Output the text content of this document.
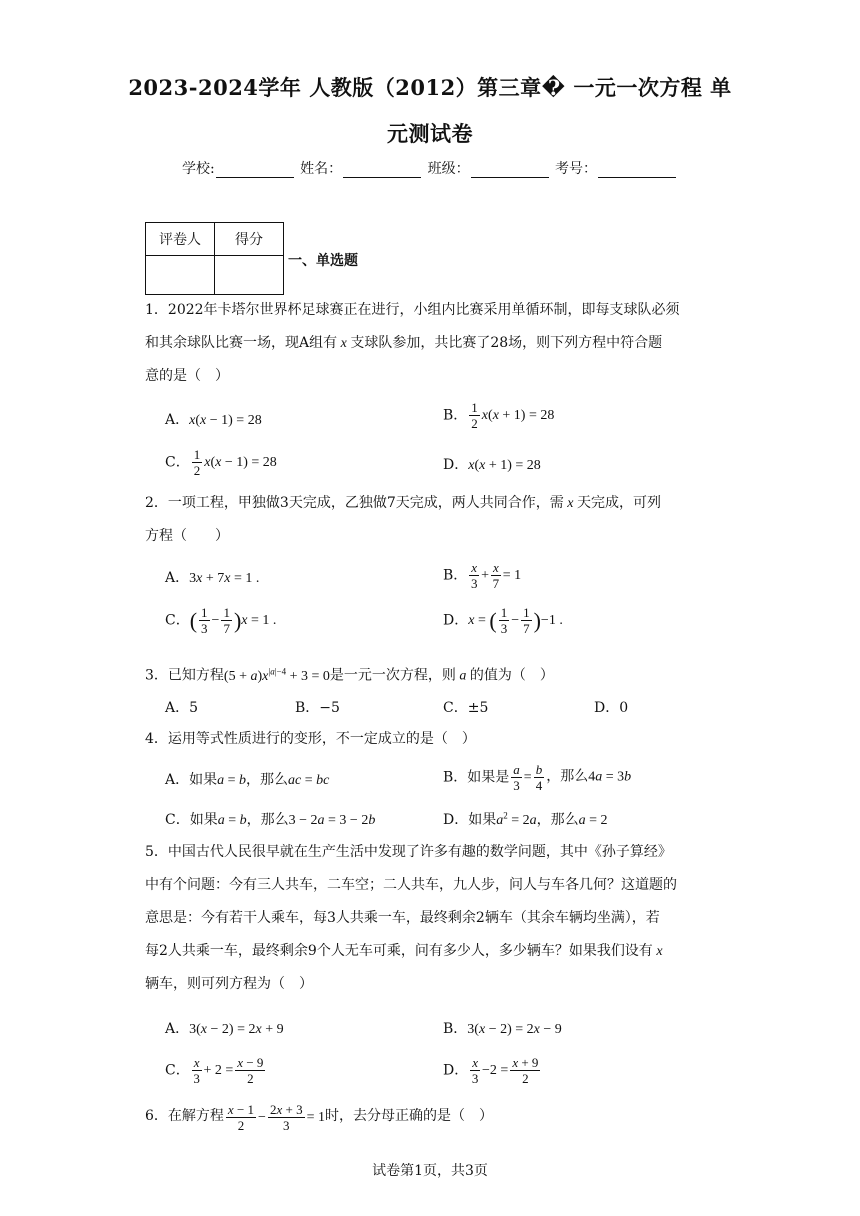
2023-2024学年 人教版（2012）第三章� 一元一次方程 单
元测试卷
学校:	姓名：	班级：	考号：
评卷人	得分

一、单选题
1．2022年卡塔尔世界杯足球赛正在进行，小组内比赛采用单循环制，即每支球队必须
和其余球队比赛一场，现A组有 x 支球队参加，共比赛了28场，则下列方程中符合题
意的是（　）
A．x(x − 1) = 28	B． $\frac{1}{2} x(x + 1) = 28$
C． $\frac{1}{2} x(x - 1) = 28$	D．x(x + 1) = 28
2．一项工程，甲独做3天完成，乙独做7天完成，两人共同合作，需 x 天完成，可列
方程（　　）
A．3x + 7x = 1 .	B． $\frac{x}{3} + \frac{x}{7} = 1$
C．( $\frac{1}{3} - \frac{1}{7} )x = 1$ .	D．x = ( $\frac{1}{3} - \frac{1}{7} )-1$ .
3．已知方程$(5 + a)x^{|a|-4} + 3 = 0$是一元一次方程，则 a 的值为（　）
A．5	B．−5	C．±5	D．0
4．运用等式性质进行的变形，不一定成立的是（　）
A．如果a = b，那么ac = bc	B．如果是 $\frac{a}{3} = \frac{b}{4}$ ，那么4a = 3b
C．如果a = b，那么3 − 2a = 3 − 2b	D．如果$a^2 = 2a$，那么a = 2
5．中国古代人民很早就在生产生活中发现了许多有趣的数学问题，其中《孙子算经》
中有个问题：今有三人共车，二车空；二人共车，九人步，问人与车各几何？这道题的
意思是：今有若干人乘车，每3人共乘一车，最终剩余2辆车（其余车辆均坐满），若
每2人共乘一车，最终剩余9个人无车可乘，问有多少人，多少辆车？如果我们设有 x
辆车，则可列方程为（　）
A．3(x − 2) = 2x + 9	B．3(x − 2) = 2x − 9
C． $\frac{x}{3} + 2 = \frac{x - 9}{2}$	D． $\frac{x}{3} -2 = \frac{x + 9}{2}$
6．在解方程 $\frac{x - 1}{2} - \frac{2x + 3}{3} = 1$时，去分母正确的是（　）
试卷第1页，共3页
